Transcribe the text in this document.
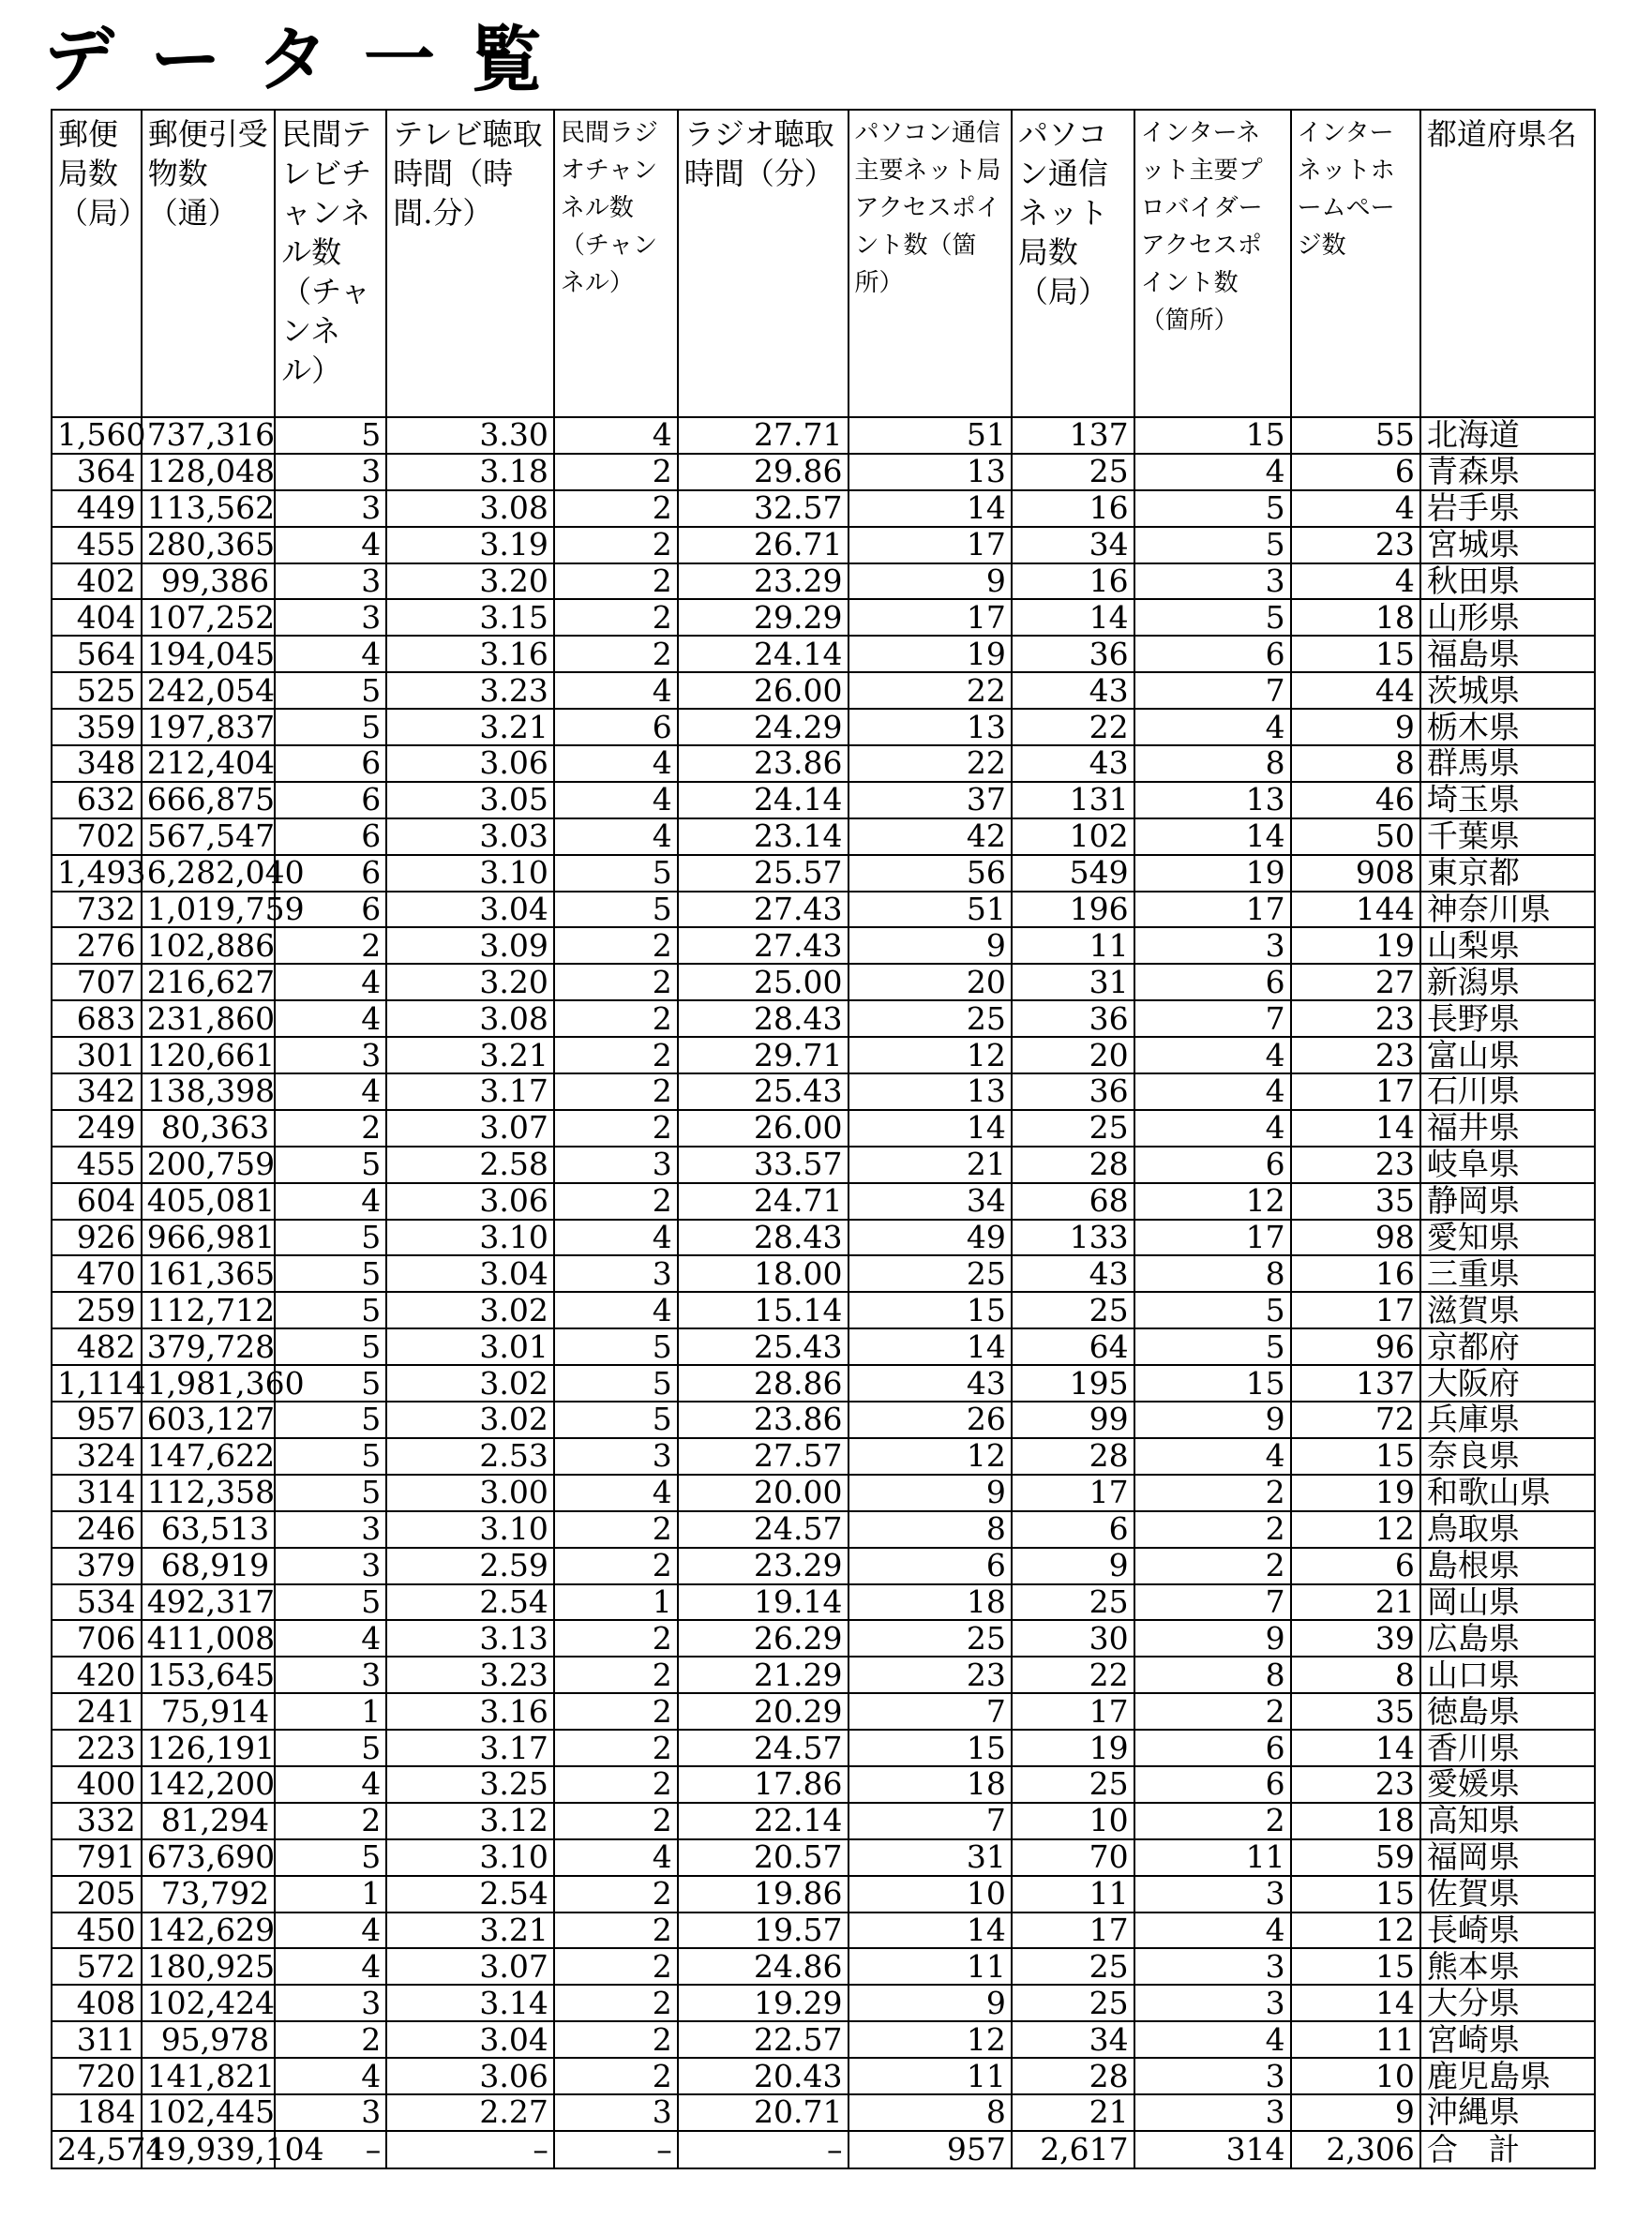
データ一覧
郵便局数（局）	郵便引受物数（通）	民間テレビチャンネル数（チャンネル）	テレビ聴取時間（時間.分）	民間ラジオチャンネル数（チャンネル）	ラジオ聴取時間（分）	パソコン通信主要ネット局アクセスポイント数（箇所）	パソコン通信ネット局数（局）	インターネット主要プロバイダーアクセスポイント数（箇所）	インターネットホームページ数	都道府県名
1,560	737,316	5	3.30	4	27.71	51	137	15	55	北海道
364	128,048	3	3.18	2	29.86	13	25	4	6	青森県
449	113,562	3	3.08	2	32.57	14	16	5	4	岩手県
455	280,365	4	3.19	2	26.71	17	34	5	23	宮城県
402	99,386	3	3.20	2	23.29	9	16	3	4	秋田県
404	107,252	3	3.15	2	29.29	17	14	5	18	山形県
564	194,045	4	3.16	2	24.14	19	36	6	15	福島県
525	242,054	5	3.23	4	26.00	22	43	7	44	茨城県
359	197,837	5	3.21	6	24.29	13	22	4	9	栃木県
348	212,404	6	3.06	4	23.86	22	43	8	8	群馬県
632	666,875	6	3.05	4	24.14	37	131	13	46	埼玉県
702	567,547	6	3.03	4	23.14	42	102	14	50	千葉県
1,493	6,282,040	6	3.10	5	25.57	56	549	19	908	東京都
732	1,019,759	6	3.04	5	27.43	51	196	17	144	神奈川県
276	102,886	2	3.09	2	27.43	9	11	3	19	山梨県
707	216,627	4	3.20	2	25.00	20	31	6	27	新潟県
683	231,860	4	3.08	2	28.43	25	36	7	23	長野県
301	120,661	3	3.21	2	29.71	12	20	4	23	富山県
342	138,398	4	3.17	2	25.43	13	36	4	17	石川県
249	80,363	2	3.07	2	26.00	14	25	4	14	福井県
455	200,759	5	2.58	3	33.57	21	28	6	23	岐阜県
604	405,081	4	3.06	2	24.71	34	68	12	35	静岡県
926	966,981	5	3.10	4	28.43	49	133	17	98	愛知県
470	161,365	5	3.04	3	18.00	25	43	8	16	三重県
259	112,712	5	3.02	4	15.14	15	25	5	17	滋賀県
482	379,728	5	3.01	5	25.43	14	64	5	96	京都府
1,114	1,981,360	5	3.02	5	28.86	43	195	15	137	大阪府
957	603,127	5	3.02	5	23.86	26	99	9	72	兵庫県
324	147,622	5	2.53	3	27.57	12	28	4	15	奈良県
314	112,358	5	3.00	4	20.00	9	17	2	19	和歌山県
246	63,513	3	3.10	2	24.57	8	6	2	12	鳥取県
379	68,919	3	2.59	2	23.29	6	9	2	6	島根県
534	492,317	5	2.54	1	19.14	18	25	7	21	岡山県
706	411,008	4	3.13	2	26.29	25	30	9	39	広島県
420	153,645	3	3.23	2	21.29	23	22	8	8	山口県
241	75,914	1	3.16	2	20.29	7	17	2	35	徳島県
223	126,191	5	3.17	2	24.57	15	19	6	14	香川県
400	142,200	4	3.25	2	17.86	18	25	6	23	愛媛県
332	81,294	2	3.12	2	22.14	7	10	2	18	高知県
791	673,690	5	3.10	4	20.57	31	70	11	59	福岡県
205	73,792	1	2.54	2	19.86	10	11	3	15	佐賀県
450	142,629	4	3.21	2	19.57	14	17	4	12	長崎県
572	180,925	4	3.07	2	24.86	11	25	3	15	熊本県
408	102,424	3	3.14	2	19.29	9	25	3	14	大分県
311	95,978	2	3.04	2	22.57	12	34	4	11	宮崎県
720	141,821	4	3.06	2	20.43	11	28	3	10	鹿児島県
184	102,445	3	2.27	3	20.71	8	21	3	9	沖縄県
24,574	19,939,104	–	–	–	–	957	2,617	314	2,306	合　計
